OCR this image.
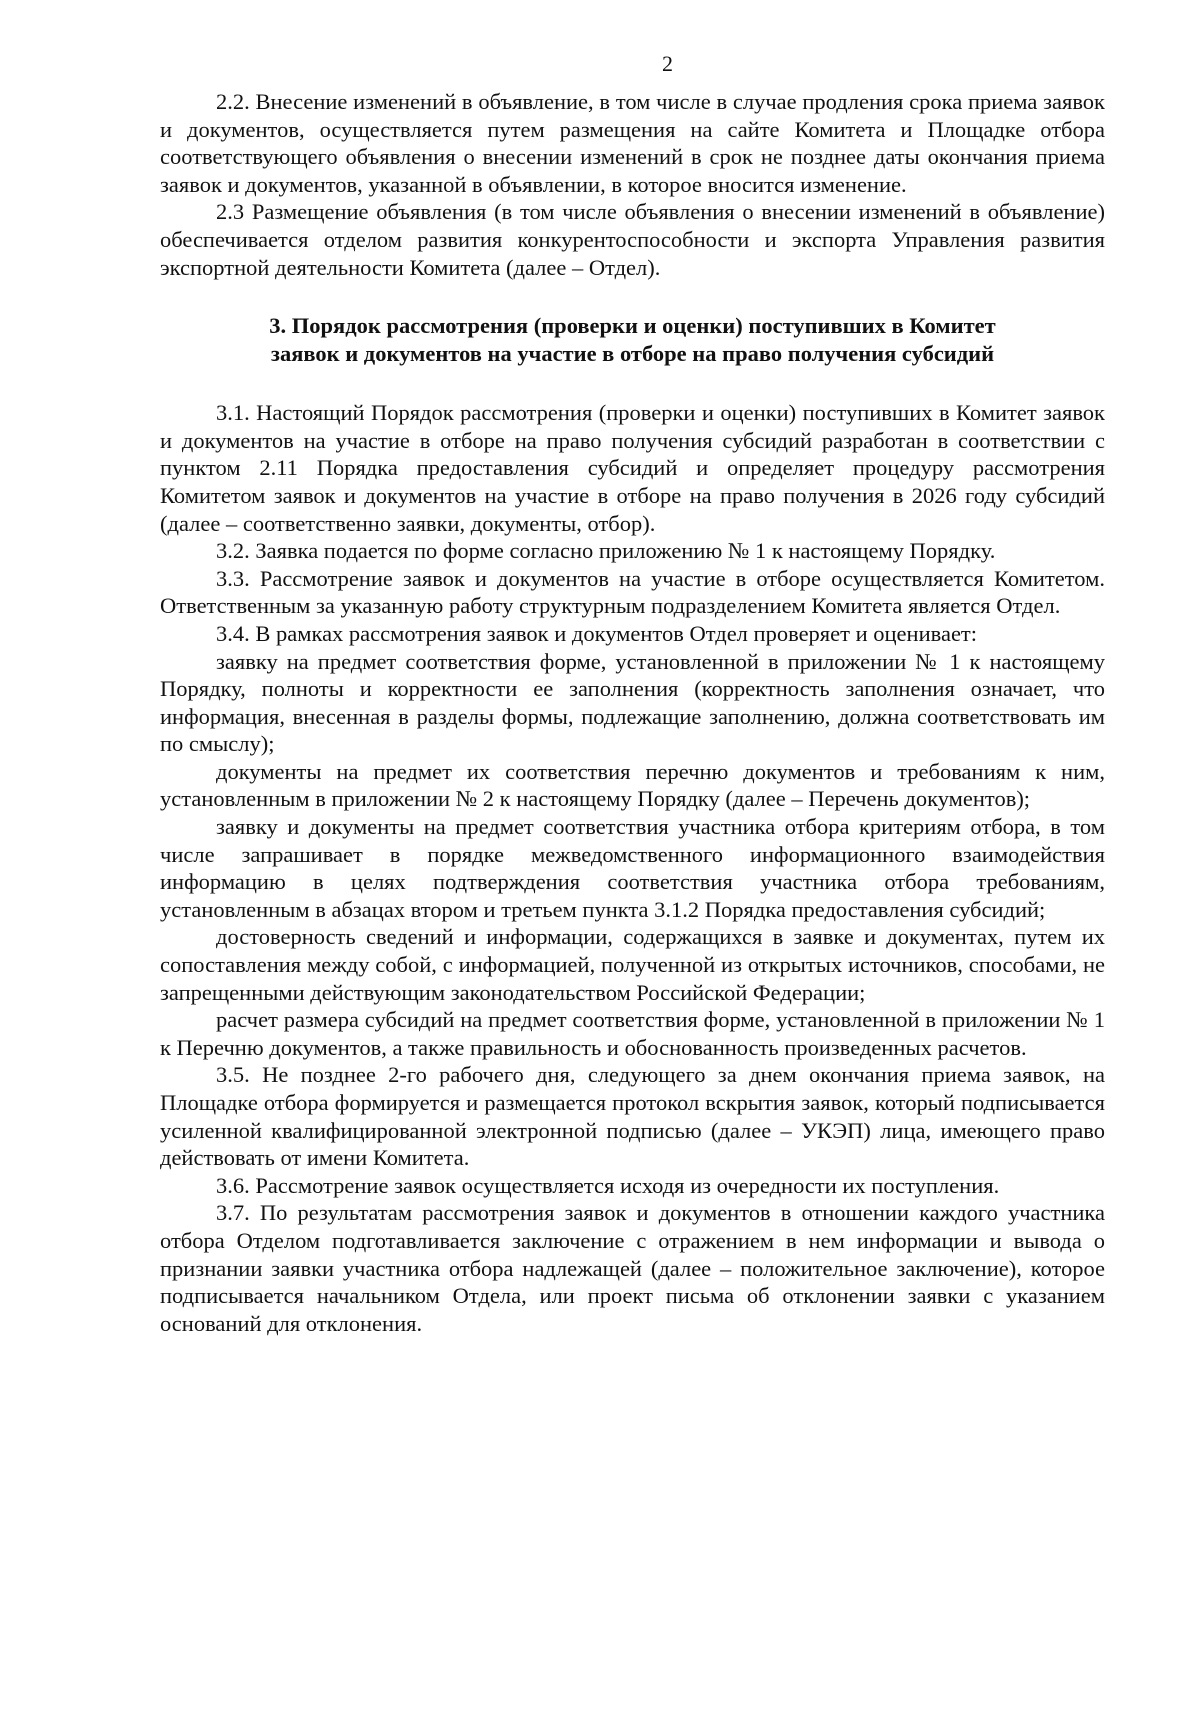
2

2.2. Внесение изменений в объявление, в том числе в случае продления срока приема заявок и документов, осуществляется путем размещения на сайте Комитета и Площадке отбора соответствующего объявления о внесении изменений в срок не позднее даты окончания приема заявок и документов, указанной в объявлении, в которое вносится изменение.

2.3 Размещение объявления (в том числе объявления о внесении изменений в объявление) обеспечивается отделом развития конкурентоспособности и экспорта Управления развития экспортной деятельности Комитета (далее – Отдел).

3. Порядок рассмотрения (проверки и оценки) поступивших в Комитет
заявок и документов на участие в отборе на право получения субсидий

3.1. Настоящий Порядок рассмотрения (проверки и оценки) поступивших в Комитет заявок и документов на участие в отборе на право получения субсидий разработан в соответствии с пунктом 2.11 Порядка предоставления субсидий и определяет процедуру рассмотрения Комитетом заявок и документов на участие в отборе на право получения в 2026 году субсидий (далее – соответственно заявки, документы, отбор).

3.2. Заявка подается по форме согласно приложению № 1 к настоящему Порядку.

3.3. Рассмотрение заявок и документов на участие в отборе осуществляется Комитетом. Ответственным за указанную работу структурным подразделением Комитета является Отдел.

3.4. В рамках рассмотрения заявок и документов Отдел проверяет и оценивает:

заявку на предмет соответствия форме, установленной в приложении № 1 к настоящему Порядку, полноты и корректности ее заполнения (корректность заполнения означает, что информация, внесенная в разделы формы, подлежащие заполнению, должна соответствовать им по смыслу);

документы на предмет их соответствия перечню документов и требованиям к ним, установленным в приложении № 2 к настоящему Порядку (далее – Перечень документов);

заявку и документы на предмет соответствия участника отбора критериям отбора, в том числе запрашивает в порядке межведомственного информационного взаимодействия информацию в целях подтверждения соответствия участника отбора требованиям, установленным в абзацах втором и третьем пункта 3.1.2 Порядка предоставления субсидий;

достоверность сведений и информации, содержащихся в заявке и документах, путем их сопоставления между собой, с информацией, полученной из открытых источников, способами, не запрещенными действующим законодательством Российской Федерации;

расчет размера субсидий на предмет соответствия форме, установленной в приложении № 1 к Перечню документов, а также правильность и обоснованность произведенных расчетов.

3.5. Не позднее 2-го рабочего дня, следующего за днем окончания приема заявок, на Площадке отбора формируется и размещается протокол вскрытия заявок, который подписывается усиленной квалифицированной электронной подписью (далее – УКЭП) лица, имеющего право действовать от имени Комитета.

3.6. Рассмотрение заявок осуществляется исходя из очередности их поступления.

3.7. По результатам рассмотрения заявок и документов в отношении каждого участника отбора Отделом подготавливается заключение с отражением в нем информации и вывода о признании заявки участника отбора надлежащей (далее – положительное заключение), которое подписывается начальником Отдела, или проект письма об отклонении заявки с указанием оснований для отклонения.
